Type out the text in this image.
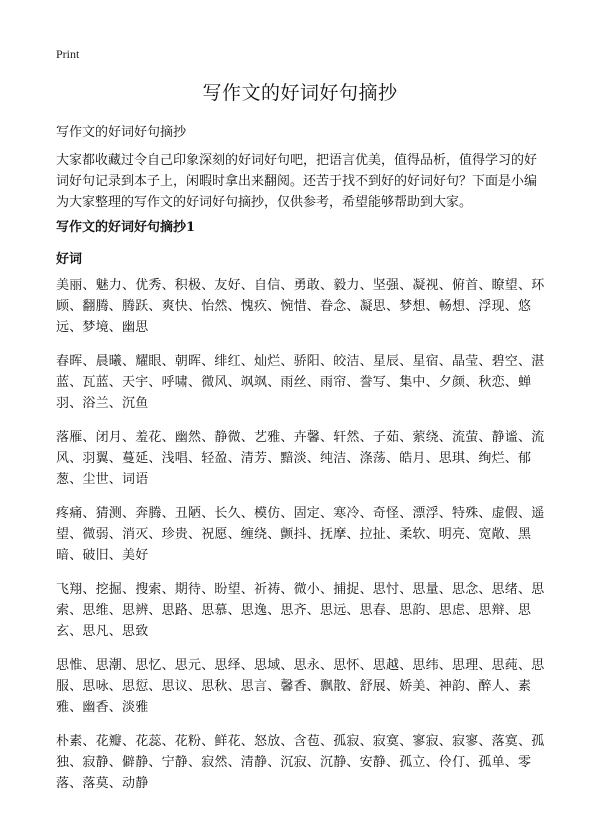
Print
写作文的好词好句摘抄

写作文的好词好句摘抄

大家都收藏过令自己印象深刻的好词好句吧，把语言优美，值得品析，值得学习的好词好句记录到本子上，闲暇时拿出来翻阅。还苦于找不到好的好词好句？下面是小编为大家整理的写作文的好词好句摘抄，仅供参考，希望能够帮助到大家。

写作文的好词好句摘抄1

好词

美丽、魅力、优秀、积极、友好、自信、勇敢、毅力、坚强、凝视、俯首、瞭望、环顾、翻腾、腾跃、爽快、怡然、愧疚、惋惜、眷念、凝思、梦想、畅想、浮现、悠远、梦境、幽思

春晖、晨曦、耀眼、朝晖、绯红、灿烂、骄阳、皎洁、星辰、星宿、晶莹、碧空、湛蓝、瓦蓝、天宇、呼啸、微风、飒飒、雨丝、雨帘、誊写、集中、夕颜、秋恋、蝉羽、浴兰、沉鱼

落雁、闭月、羞花、幽然、静微、艺雅、卉馨、轩然、子茹、萦绕、流萤、静谧、流风、羽翼、蔓延、浅唱、轻盈、清芳、黯淡、纯洁、涤荡、皓月、思琪、绚烂、郁葱、尘世、词语

疼痛、猜测、奔腾、丑陋、长久、模仿、固定、寒冷、奇怪、漂浮、特殊、虚假、遥望、微弱、消灭、珍贵、祝愿、缠绕、颤抖、抚摩、拉扯、柔软、明亮、宽敞、黑暗、破旧、美好

飞翔、挖掘、搜索、期待、盼望、祈祷、微小、捕捉、思忖、思量、思念、思绪、思索、思维、思辨、思路、思慕、思逸、思齐、思远、思春、思韵、思虑、思辩、思玄、思凡、思致

思惟、思潮、思忆、思元、思绎、思域、思永、思怀、思越、思纬、思理、思莼、思服、思咏、思愆、思议、思秋、思言、馨香、飘散、舒展、娇美、神韵、醉人、素雅、幽香、淡雅

朴素、花瓣、花蕊、花粉、鲜花、怒放、含苞、孤寂、寂寞、寥寂、寂寥、落寞、孤独、寂静、僻静、宁静、寂然、清静、沉寂、沉静、安静、孤立、伶仃、孤单、零落、落莫、动静
